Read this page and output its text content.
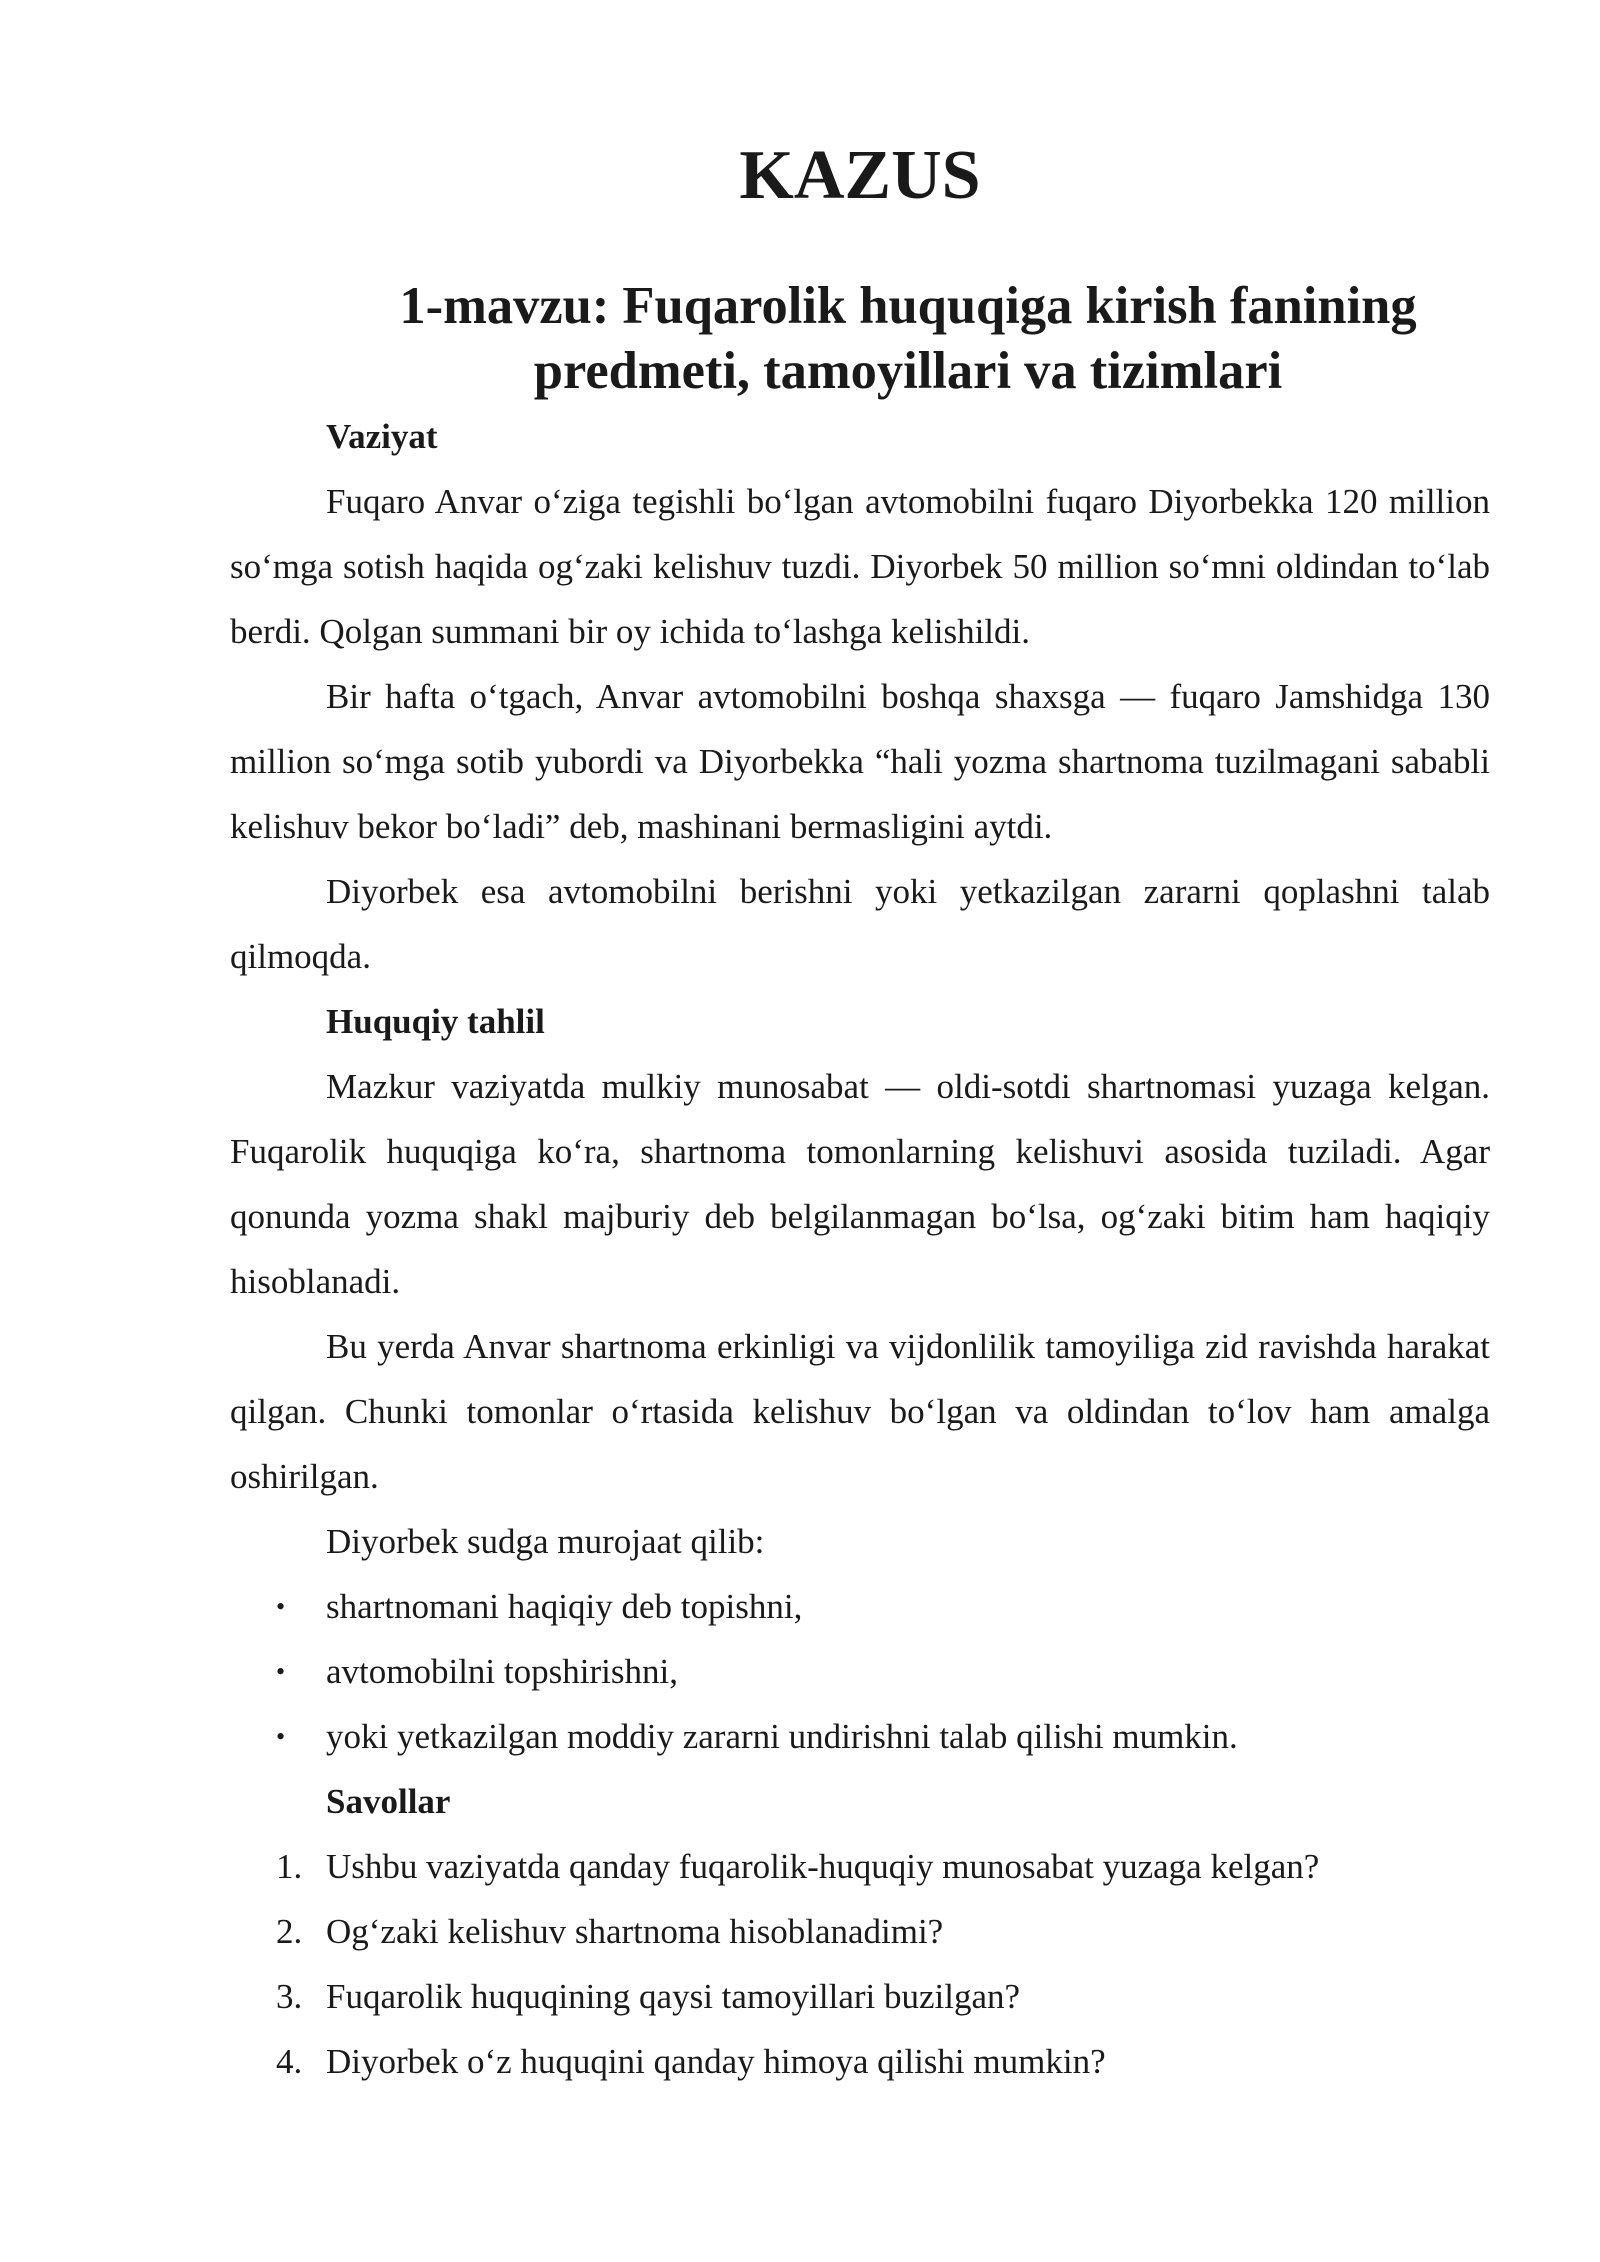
KAZUS
1-mavzu: Fuqarolik huquqiga kirish fanining predmeti, tamoyillari va tizimlari
Vaziyat

Fuqaro Anvar o‘ziga tegishli bo‘lgan avtomobilni fuqaro Diyorbekka 120 million so‘mga sotish haqida og‘zaki kelishuv tuzdi. Diyorbek 50 million so‘mni oldindan to‘lab berdi. Qolgan summani bir oy ichida to‘lashga kelishildi.

Bir hafta o‘tgach, Anvar avtomobilni boshqa shaxsga — fuqaro Jamshidga 130 million so‘mga sotib yubordi va Diyorbekka “hali yozma shartnoma tuzilmagani sababli kelishuv bekor bo‘ladi” deb, mashinani bermasligini aytdi.

Diyorbek esa avtomobilni berishni yoki yetkazilgan zararni qoplashni talab qilmoqda.

Huquqiy tahlil

Mazkur vaziyatda mulkiy munosabat — oldi-sotdi shartnomasi yuzaga kelgan. Fuqarolik huquqiga ko‘ra, shartnoma tomonlarning kelishuvi asosida tuziladi. Agar qonunda yozma shakl majburiy deb belgilanmagan bo‘lsa, og‘zaki bitim ham haqiqiy hisoblanadi.

Bu yerda Anvar shartnoma erkinligi va vijdonlilik tamoyiliga zid ravishda harakat qilgan. Chunki tomonlar o‘rtasida kelishuv bo‘lgan va oldindan to‘lov ham amalga oshirilgan.

Diyorbek sudga murojaat qilib:
• shartnomani haqiqiy deb topishni,
• avtomobilni topshirishni,
• yoki yetkazilgan moddiy zararni undirishni talab qilishi mumkin.
Savollar
1. Ushbu vaziyatda qanday fuqarolik-huquqiy munosabat yuzaga kelgan?
2. Og‘zaki kelishuv shartnoma hisoblanadimi?
3. Fuqarolik huquqining qaysi tamoyillari buzilgan?
4. Diyorbek o‘z huquqini qanday himoya qilishi mumkin?
